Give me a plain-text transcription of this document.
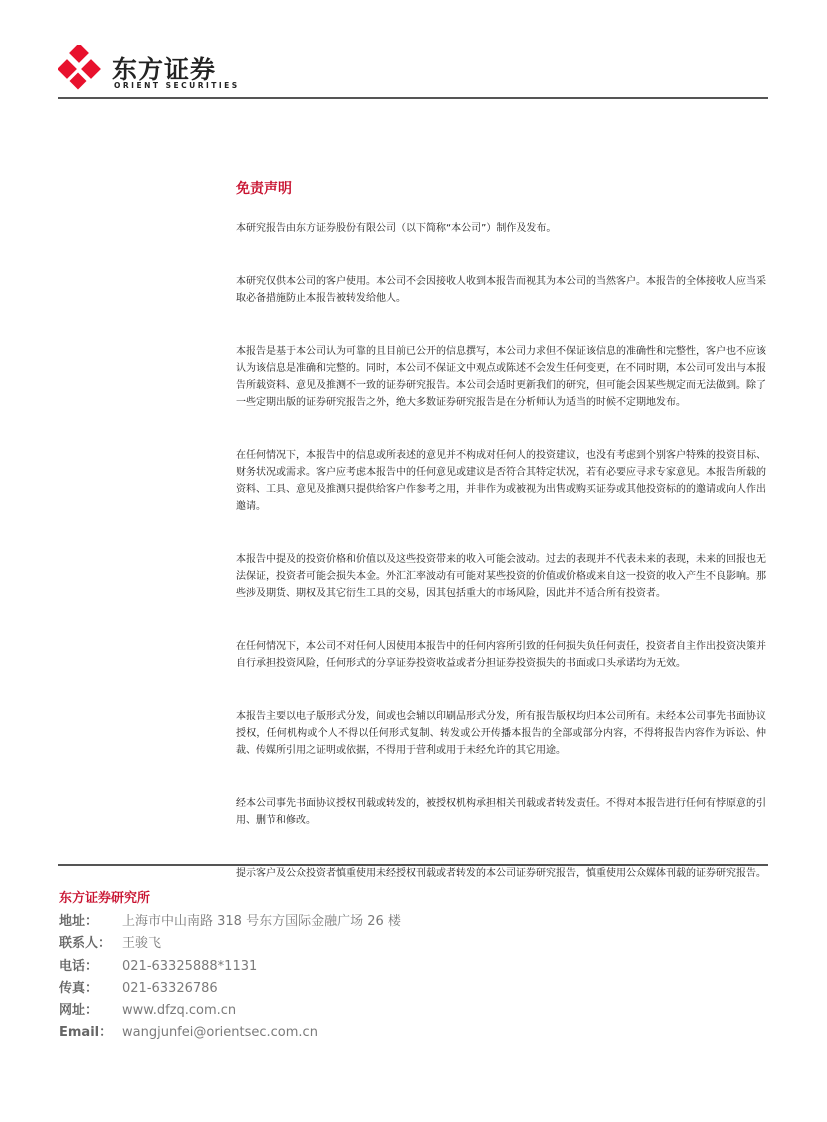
东方证券
ORIENT SECURITIES
免责声明

本研究报告由东方证券股份有限公司（以下简称“本公司”）制作及发布。

本研究仅供本公司的客户使用。本公司不会因接收人收到本报告而视其为本公司的当然客户。本报告的全体接收人应当采取必备措施防止本报告被转发给他人。

本报告是基于本公司认为可靠的且目前已公开的信息撰写，本公司力求但不保证该信息的准确性和完整性，客户也不应该认为该信息是准确和完整的。同时，本公司不保证文中观点或陈述不会发生任何变更，在不同时期，本公司可发出与本报告所载资料、意见及推测不一致的证券研究报告。本公司会适时更新我们的研究，但可能会因某些规定而无法做到。除了一些定期出版的证券研究报告之外，绝大多数证券研究报告是在分析师认为适当的时候不定期地发布。

在任何情况下，本报告中的信息或所表述的意见并不构成对任何人的投资建议，也没有考虑到个别客户特殊的投资目标、财务状况或需求。客户应考虑本报告中的任何意见或建议是否符合其特定状况，若有必要应寻求专家意见。本报告所载的资料、工具、意见及推测只提供给客户作参考之用，并非作为或被视为出售或购买证券或其他投资标的的邀请或向人作出邀请。

本报告中提及的投资价格和价值以及这些投资带来的收入可能会波动。过去的表现并不代表未来的表现，未来的回报也无法保证，投资者可能会损失本金。外汇汇率波动有可能对某些投资的价值或价格或来自这一投资的收入产生不良影响。那些涉及期货、期权及其它衍生工具的交易，因其包括重大的市场风险，因此并不适合所有投资者。

在任何情况下，本公司不对任何人因使用本报告中的任何内容所引致的任何损失负任何责任，投资者自主作出投资决策并自行承担投资风险，任何形式的分享证券投资收益或者分担证券投资损失的书面或口头承诺均为无效。

本报告主要以电子版形式分发，间或也会辅以印刷品形式分发，所有报告版权均归本公司所有。未经本公司事先书面协议授权，任何机构或个人不得以任何形式复制、转发或公开传播本报告的全部或部分内容，不得将报告内容作为诉讼、仲裁、传媒所引用之证明或依据，不得用于营利或用于未经允许的其它用途。

经本公司事先书面协议授权刊载或转发的，被授权机构承担相关刊载或者转发责任。不得对本报告进行任何有悖原意的引用、删节和修改。

提示客户及公众投资者慎重使用未经授权刊载或者转发的本公司证券研究报告，慎重使用公众媒体刊载的证券研究报告。

东方证券研究所
地址： 上海市中山南路 318 号东方国际金融广场 26 楼
联系人： 王骏飞
电话： 021-63325888*1131
传真： 021-63326786
网址： www.dfzq.com.cn
Email： wangjunfei@orientsec.com.cn
